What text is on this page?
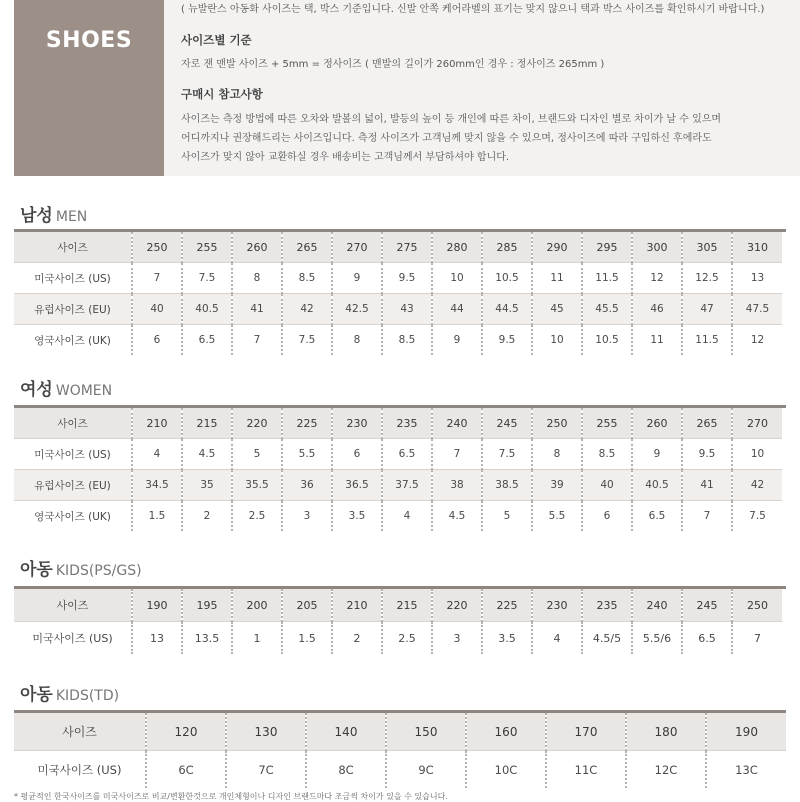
SHOES
( 뉴발란스 아동화 사이즈는 택, 박스 기준입니다. 신발 안쪽 케어라벨의 표기는 맞지 않으니 택과 박스 사이즈를 확인하시기 바랍니다.)
사이즈별 기준
자로 잰 맨발 사이즈 + 5mm = 정사이즈 ( 맨발의 길이가 260mm인 경우 : 정사이즈 265mm )
구매시 참고사항
사이즈는 측정 방법에 따른 오차와 발볼의 넓이, 발등의 높이 등 개인에 따른 차이, 브랜드와 디자인 별로 차이가 날 수 있으며
어디까지나 권장해드리는 사이즈입니다. 측정 사이즈가 고객님께 맞지 않을 수 있으며, 정사이즈에 따라 구입하신 후에라도
사이즈가 맞지 않아 교환하실 경우 배송비는 고객님께서 부담하셔야 합니다.
남성 MEN
사이즈	250	255	260	265	270	275	280	285	290	295	300	305	310
미국사이즈 (US)	7	7.5	8	8.5	9	9.5	10	10.5	11	11.5	12	12.5	13
유럽사이즈 (EU)	40	40.5	41	42	42.5	43	44	44.5	45	45.5	46	47	47.5
영국사이즈 (UK)	6	6.5	7	7.5	8	8.5	9	9.5	10	10.5	11	11.5	12
여성 WOMEN
사이즈	210	215	220	225	230	235	240	245	250	255	260	265	270
미국사이즈 (US)	4	4.5	5	5.5	6	6.5	7	7.5	8	8.5	9	9.5	10
유럽사이즈 (EU)	34.5	35	35.5	36	36.5	37.5	38	38.5	39	40	40.5	41	42
영국사이즈 (UK)	1.5	2	2.5	3	3.5	4	4.5	5	5.5	6	6.5	7	7.5
아동 KIDS(PS/GS)
사이즈	190	195	200	205	210	215	220	225	230	235	240	245	250
미국사이즈 (US)	13	13.5	1	1.5	2	2.5	3	3.5	4	4.5/5	5.5/6	6.5	7
아동 KIDS(TD)
사이즈	120	130	140	150	160	170	180	190
미국사이즈 (US)	6C	7C	8C	9C	10C	11C	12C	13C
* 평균적인 한국사이즈를 미국사이즈로 비교/변환한것으로 개인체형이나 디자인 브랜드마다 조금씩 차이가 있을 수 있습니다.
